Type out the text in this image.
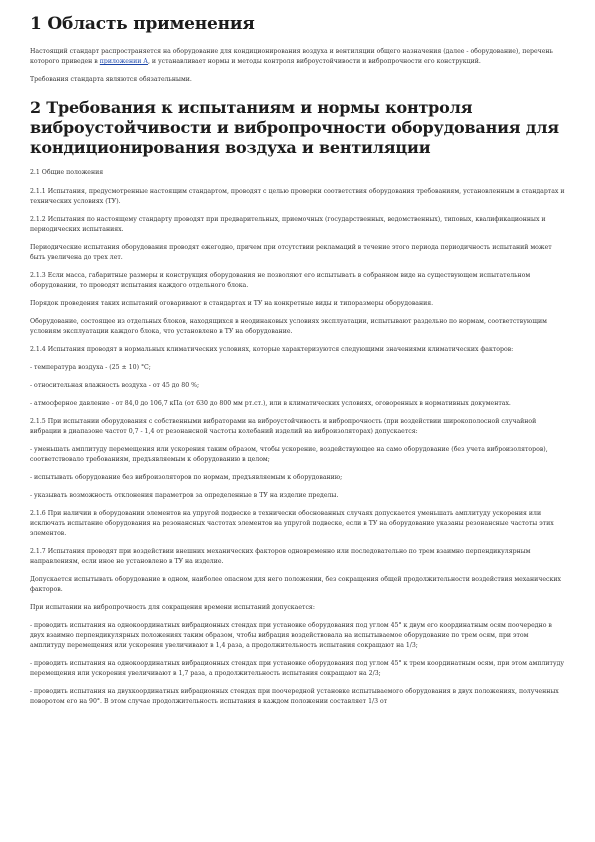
1 Область применения

Настоящий стандарт распространяется на оборудование для кондиционирования воздуха и вентиляции общего назначения (далее - оборудование), перечень которого приведен в приложении А, и устанавливает нормы и методы контроля виброустойчивости и вибропрочности его конструкций.

Требования стандарта являются обязательными.

2 Требования к испытаниям и нормы контроля виброустойчивости и вибропрочности оборудования для кондиционирования воздуха и вентиляции

2.1 Общие положения

2.1.1 Испытания, предусмотренные настоящим стандартом, проводят с целью проверки соответствия оборудования требованиям, установленным в стандартах и технических условиях (ТУ).

2.1.2 Испытания по настоящему стандарту проводят при предварительных, приемочных (государственных, ведомственных), типовых, квалификационных и периодических испытаниях.

Периодические испытания оборудования проводят ежегодно, причем при отсутствии рекламаций в течение этого периода периодичность испытаний может быть увеличена до трех лет.

2.1.3 Если масса, габаритные размеры и конструкция оборудования не позволяют его испытывать в собранном виде на существующем испытательном оборудовании, то проводят испытания каждого отдельного блока.

Порядок проведения таких испытаний оговаривают в стандартах и ТУ на конкретные виды и типоразмеры оборудования.

Оборудование, состоящее из отдельных блоков, находящихся в неодинаковых условиях эксплуатации, испытывают раздельно по нормам, соответствующим условиям эксплуатации каждого блока, что установлено в ТУ на оборудование.

2.1.4 Испытания проводят в нормальных климатических условиях, которые характеризуются следующими значениями климатических факторов:

- температура воздуха - (25 ± 10) °С;

- относительная влажность воздуха - от 45 до 80 %;

- атмосферное давление - от 84,0 до 106,7 кПа (от 630 до 800 мм рт.ст.), или в климатических условиях, оговоренных в нормативных документах.

2.1.5 При испытании оборудования с собственными вибраторами на виброустойчивость и вибропрочность (при воздействии широкополосной случайной вибрации в диапазоне частот 0,7 - 1,4 от резонансной частоты колебаний изделий на виброизоляторах) допускается:

- уменьшать амплитуду перемещения или ускорения таким образом, чтобы ускорение, воздействующее на само оборудование (без учета виброизоляторов), соответствовало требованиям, предъявляемым к оборудованию в целом;

- испытывать оборудование без виброизоляторов по нормам, предъявляемым к оборудованию;

- указывать возможность отклонения параметров за определенные в ТУ на изделие пределы.

2.1.6 При наличии в оборудовании элементов на упругой подвеске в технически обоснованных случаях допускается уменьшать амплитуду ускорения или исключать испытание оборудования на резонансных частотах элементов на упругой подвеске, если в ТУ на оборудование указаны резонансные частоты этих элементов.

2.1.7 Испытания проводят при воздействии внешних механических факторов одновременно или последовательно по трем взаимно перпендикулярным направлениям, если иное не установлено в ТУ на изделие.

Допускается испытывать оборудование в одном, наиболее опасном для него положении, без сокращения общей продолжительности воздействия механических факторов.

При испытании на вибропрочность для сокращения времени испытаний допускается:

- проводить испытания на однокоординатных вибрационных стендах при установке оборудования под углом 45° к двум его координатным осям поочередно в двух взаимно перпендикулярных положениях таким образом, чтобы вибрация воздействовала на испытываемое оборудование по трем осям, при этом амплитуду перемещения или ускорения увеличивают в 1,4 раза, а продолжительность испытания сокращают на 1/3;

- проводить испытания на однокоординатных вибрационных стендах при установке оборудования под углом 45° к трем координатным осям, при этом амплитуду перемещения или ускорения увеличивают в 1,7 раза, а продолжительность испытания сокращают на 2/3;

- проводить испытания на двухкоординатных вибрационных стендах при поочередной установке испытываемого оборудования в двух положениях, полученных поворотом его на 90°. В этом случае продолжительность испытания в каждом положении составляет 1/3 от
